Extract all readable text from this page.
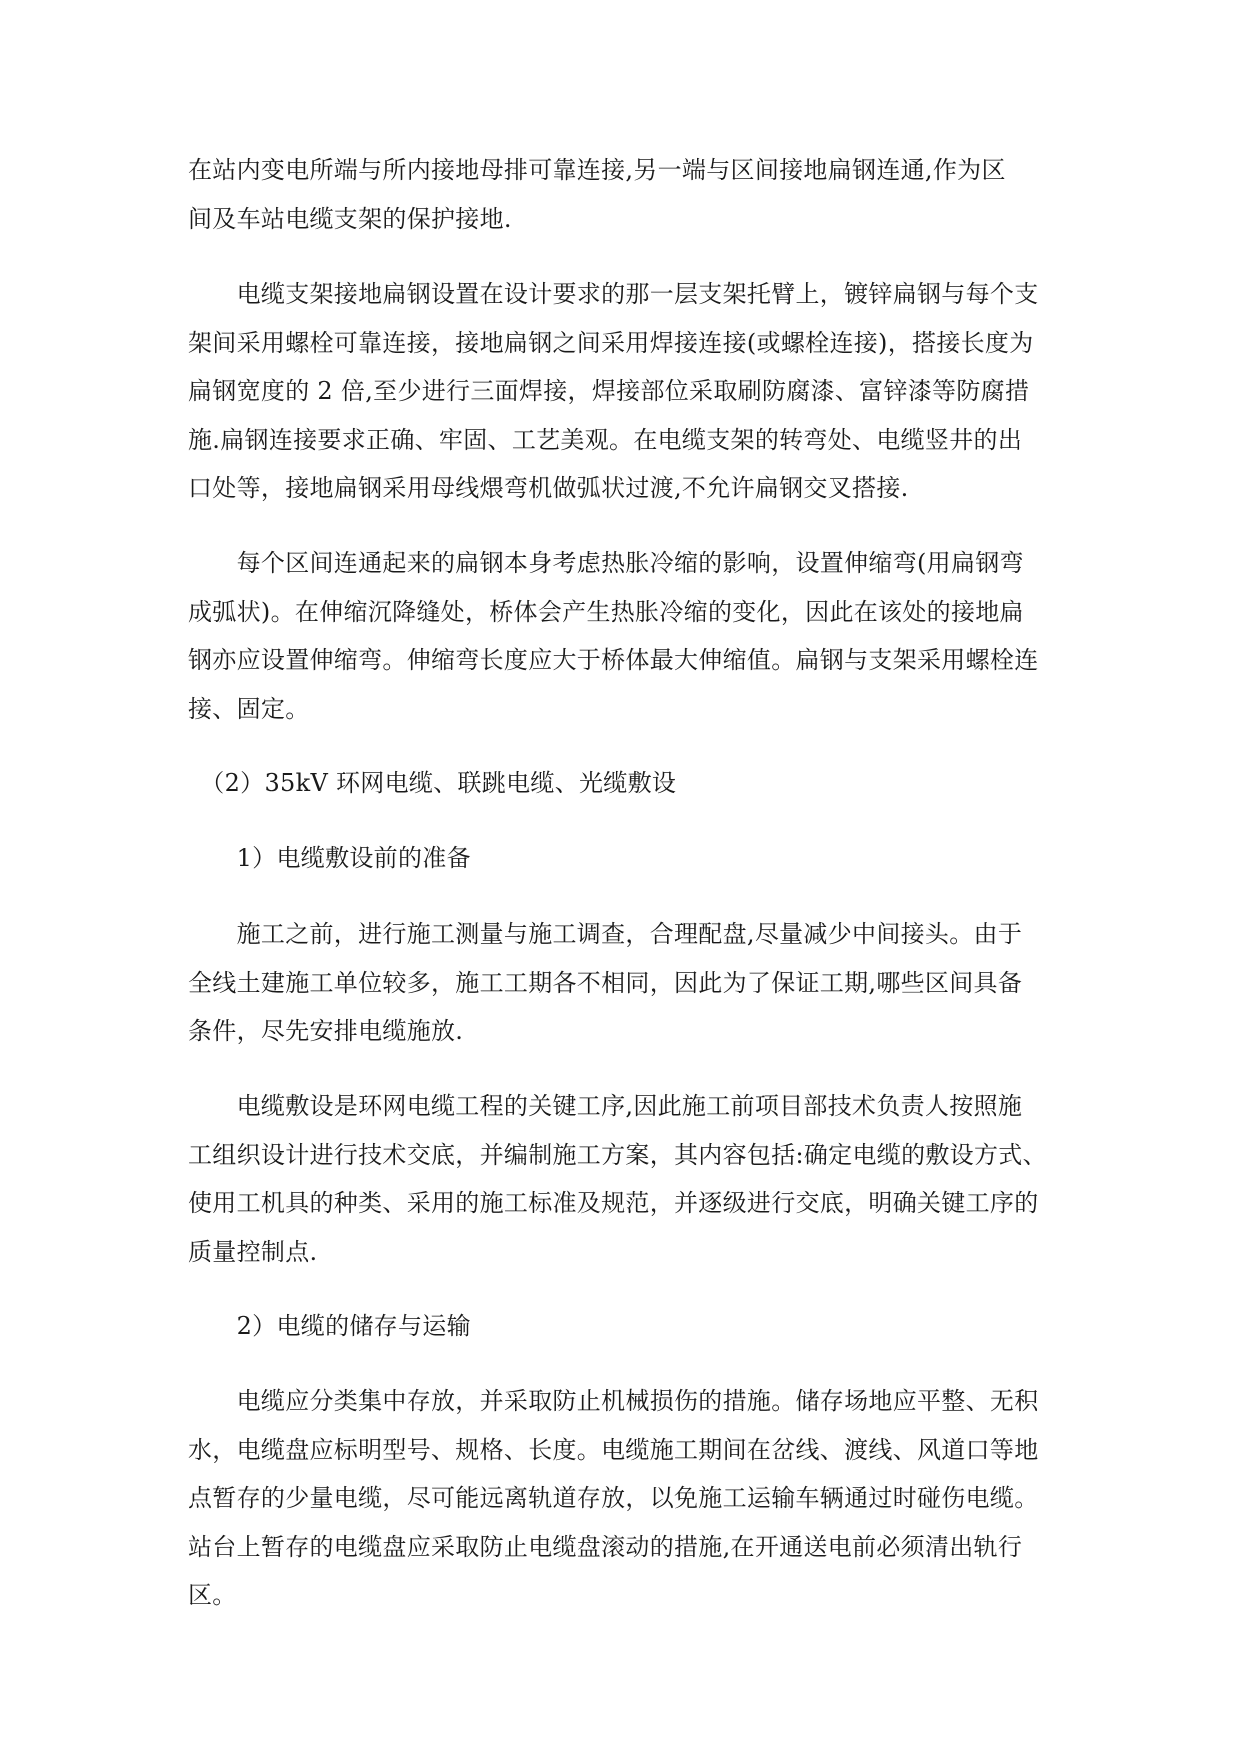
在站内变电所端与所内接地母排可靠连接,另一端与区间接地扁钢连通,作为区
间及车站电缆支架的保护接地.

　　电缆支架接地扁钢设置在设计要求的那一层支架托臂上，镀锌扁钢与每个支
架间采用螺栓可靠连接，接地扁钢之间采用焊接连接(或螺栓连接)，搭接长度为
扁钢宽度的 2 倍,至少进行三面焊接，焊接部位采取刷防腐漆、富锌漆等防腐措
施.扁钢连接要求正确、牢固、工艺美观。在电缆支架的转弯处、电缆竖井的出
口处等，接地扁钢采用母线煨弯机做弧状过渡,不允许扁钢交叉搭接.

　　每个区间连通起来的扁钢本身考虑热胀冷缩的影响，设置伸缩弯(用扁钢弯
成弧状)。在伸缩沉降缝处，桥体会产生热胀冷缩的变化，因此在该处的接地扁
钢亦应设置伸缩弯。伸缩弯长度应大于桥体最大伸缩值。扁钢与支架采用螺栓连
接、固定。

　（2）35kV 环网电缆、联跳电缆、光缆敷设

　　1）电缆敷设前的准备

　　施工之前，进行施工测量与施工调查，合理配盘,尽量减少中间接头。由于
全线土建施工单位较多，施工工期各不相同，因此为了保证工期,哪些区间具备
条件，尽先安排电缆施放.

　　电缆敷设是环网电缆工程的关键工序,因此施工前项目部技术负责人按照施
工组织设计进行技术交底，并编制施工方案，其内容包括:确定电缆的敷设方式、
使用工机具的种类、采用的施工标准及规范，并逐级进行交底，明确关键工序的
质量控制点.

　　2）电缆的储存与运输

　　电缆应分类集中存放，并采取防止机械损伤的措施。储存场地应平整、无积
水，电缆盘应标明型号、规格、长度。电缆施工期间在岔线、渡线、风道口等地
点暂存的少量电缆，尽可能远离轨道存放，以免施工运输车辆通过时碰伤电缆。
站台上暂存的电缆盘应采取防止电缆盘滚动的措施,在开通送电前必须清出轨行
区。
